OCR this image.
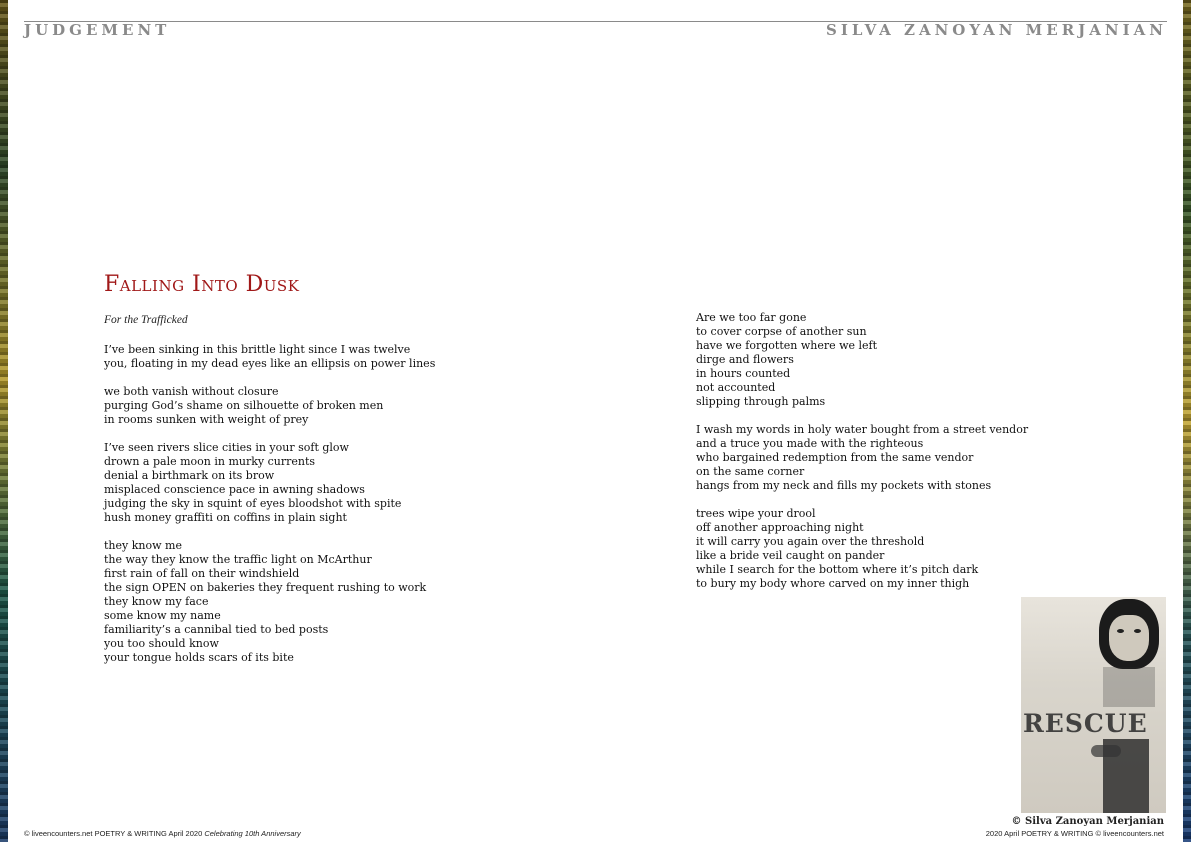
JUDGEMENT	SILVA ZANOYAN MERJANIAN
Falling Into Dusk
For the Trafficked
I’ve been sinking in this brittle light since I was twelve
you, floating in my dead eyes like an ellipsis on power lines
we both vanish without closure
purging God’s shame on silhouette of broken men
in rooms sunken with weight of prey
I’ve seen rivers slice cities in your soft glow
drown a pale moon in murky currents
denial a birthmark on its brow
misplaced conscience pace in awning shadows
judging the sky in squint of eyes bloodshot with spite
hush money graffiti on coffins in plain sight
they know me
the way they know the traffic light on McArthur
first rain of fall on their windshield
the sign OPEN on bakeries they frequent rushing to work
they know my face
some know my name
familiarity’s a cannibal tied to bed posts
you too should know
your tongue holds scars of its bite
Are we too far gone
to cover corpse of another sun
have we forgotten where we left
dirge and flowers
in hours counted
not accounted
slipping through palms
I wash my words in holy water bought from a street vendor
and a truce you made with the righteous
who bargained redemption from the same vendor
on the same corner
hangs from my neck and fills my pockets with stones
trees wipe your drool
off another approaching night
it will carry you again over the threshold
like a bride veil caught on pander
while I search for the bottom where it’s pitch dark
to bury my body whore carved on my inner thigh
RESCUE
© Silva Zanoyan Merjanian
© liveencounters.net POETRY & WRITING April 2020 Celebrating 10th Anniversary	2020 April POETRY & WRITING © liveencounters.net
